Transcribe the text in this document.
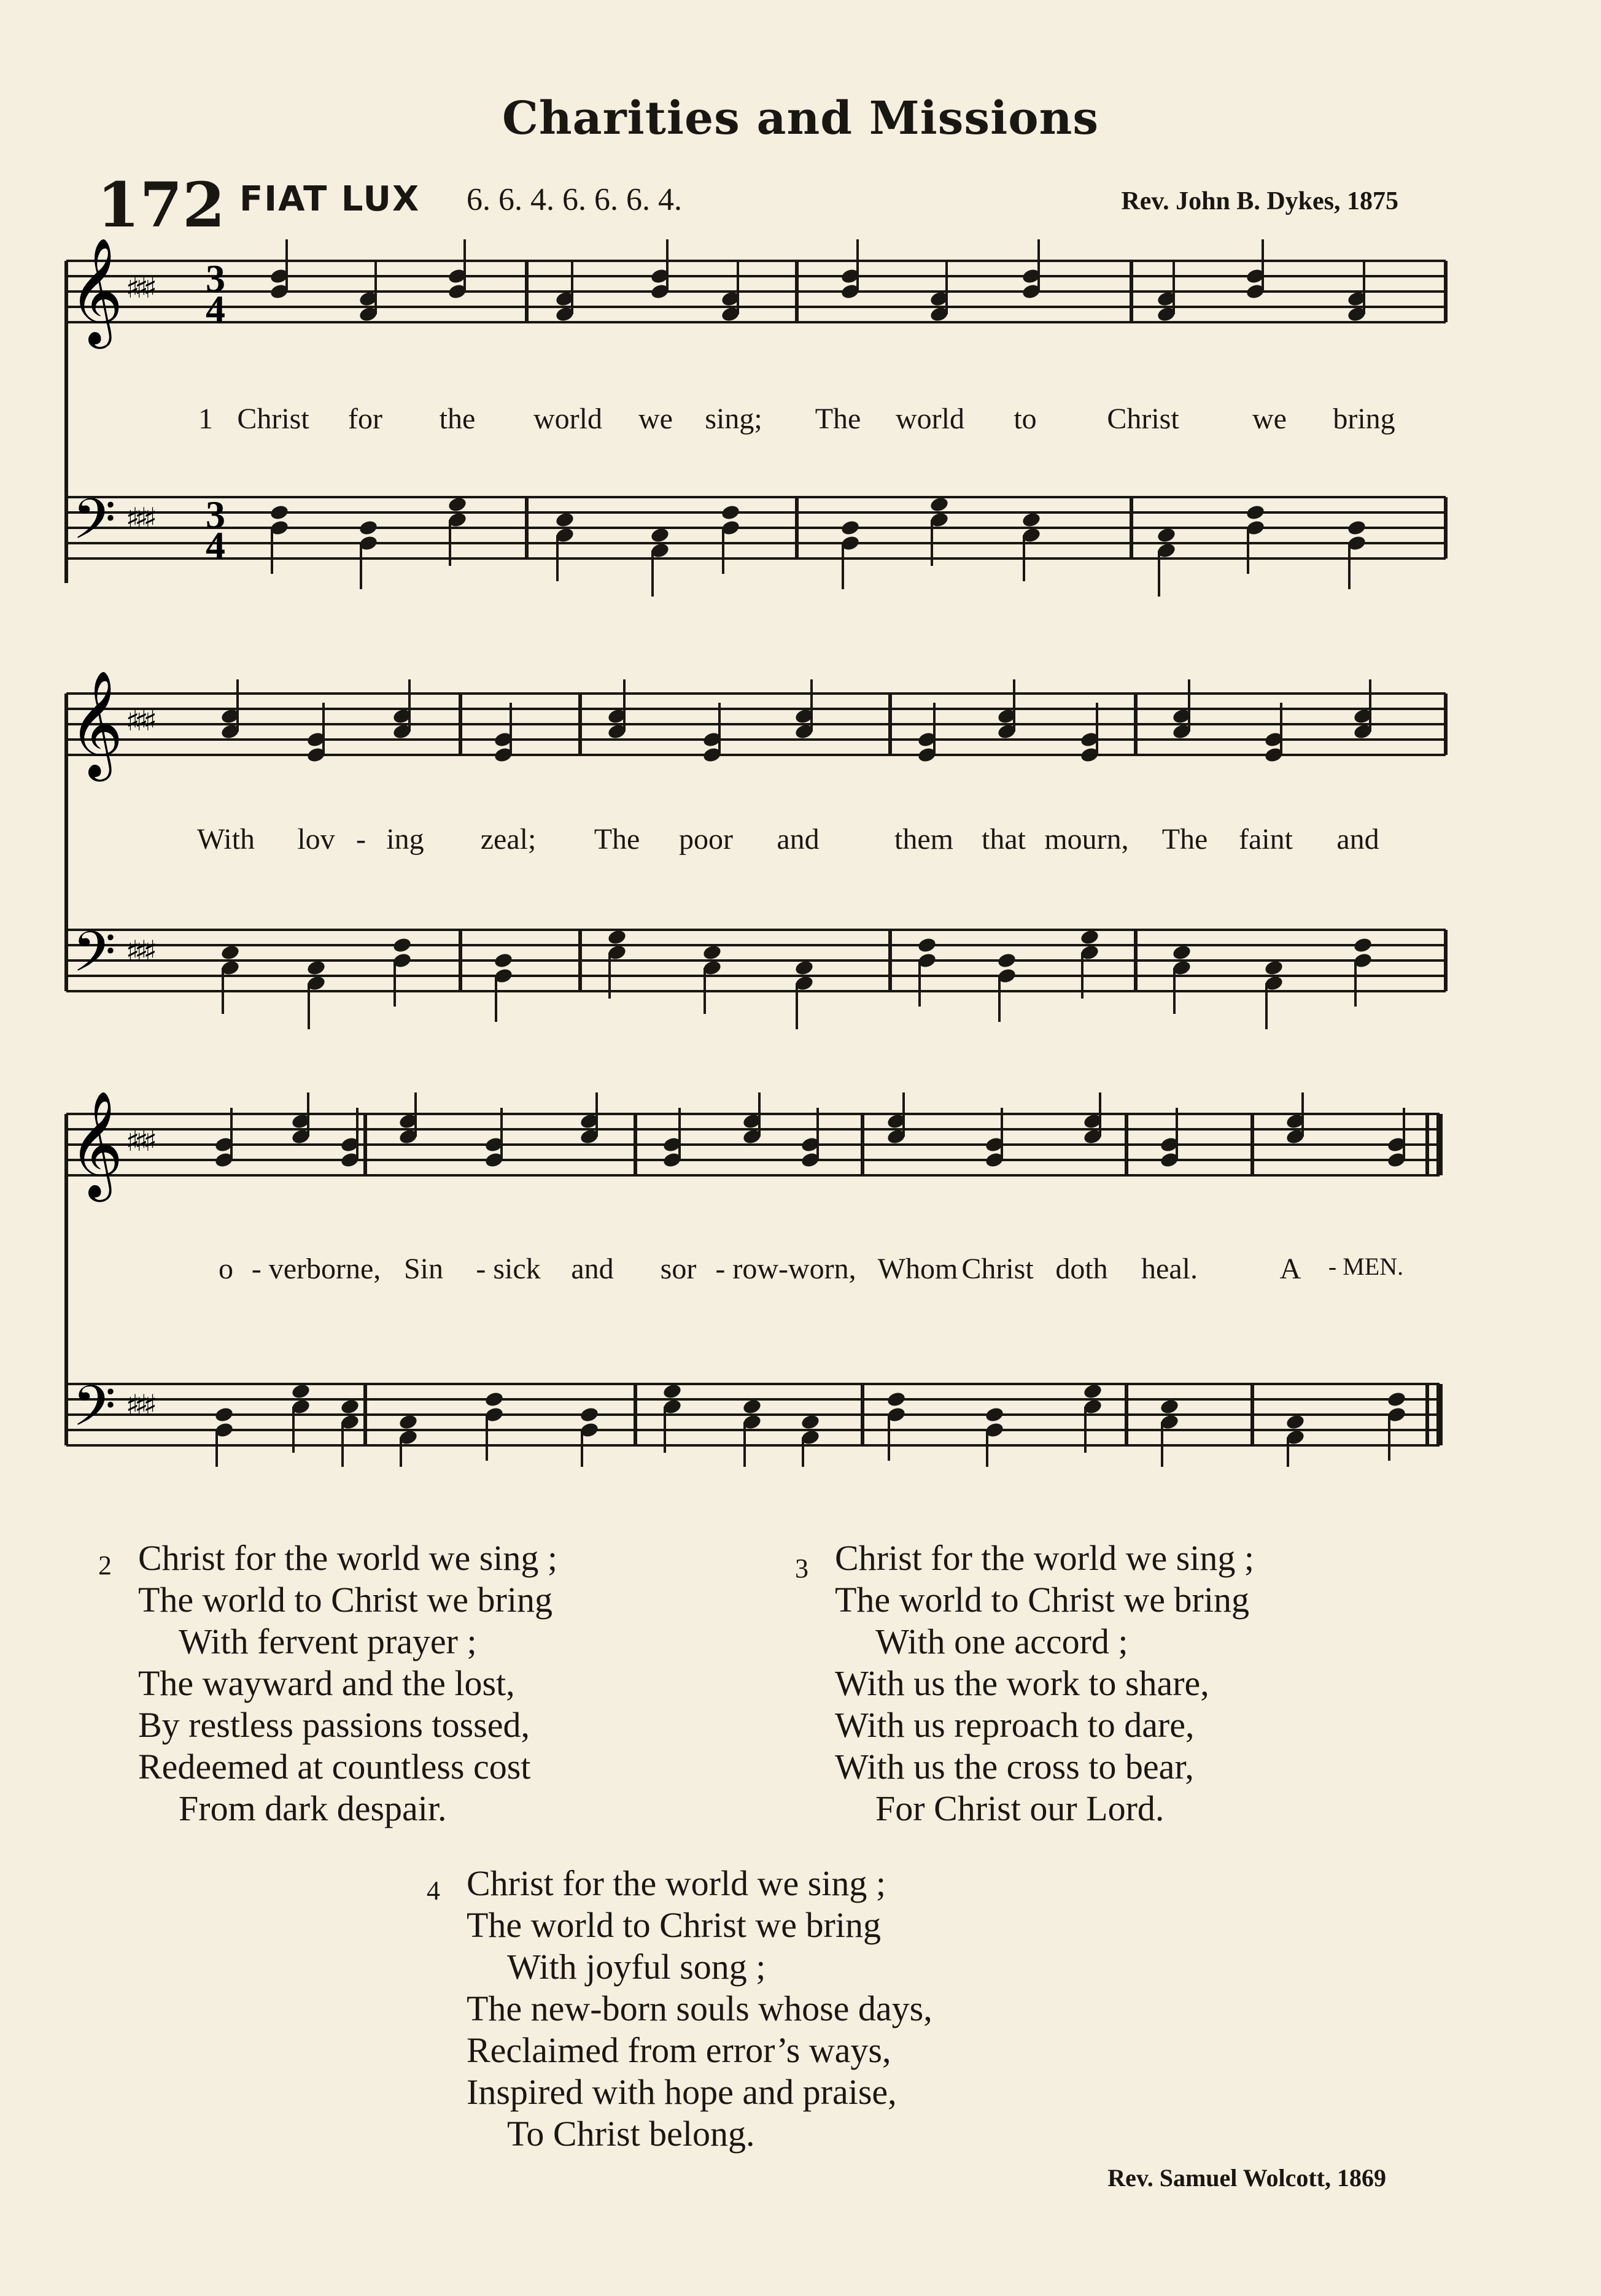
Charities and Missions
172 FIAT LUX 6. 6. 4. 6. 6. 6. 4.	Rev. John B. Dykes, 1875
𝄞
𝄢
♯♯♯
♯♯♯
3
4
3
4
1 Christ for the world we sing; The world to Christ we bring
𝄞
𝄢
♯♯♯
♯♯♯
With lov - ing zeal; The poor and	them that mourn, The faint and
𝄞
𝄢
♯♯♯
♯♯♯
o - verborne, Sin - sick and sor - row-worn, Whom Christ doth heal.	A - MEN.
2 Christ for the world we sing ;
The world to Christ we bring
With fervent prayer ;
The wayward and the lost,
By restless passions tossed,
Redeemed at countless cost
From dark despair.
3 Christ for the world we sing ;
The world to Christ we bring
With one accord ;
With us the work to share,
With us reproach to dare,
With us the cross to bear,
For Christ our Lord.
4 Christ for the world we sing ;
The world to Christ we bring
With joyful song ;
The new-born souls whose days,
Reclaimed from error’s ways,
Inspired with hope and praise,
To Christ belong.
Rev. Samuel Wolcott, 1869
